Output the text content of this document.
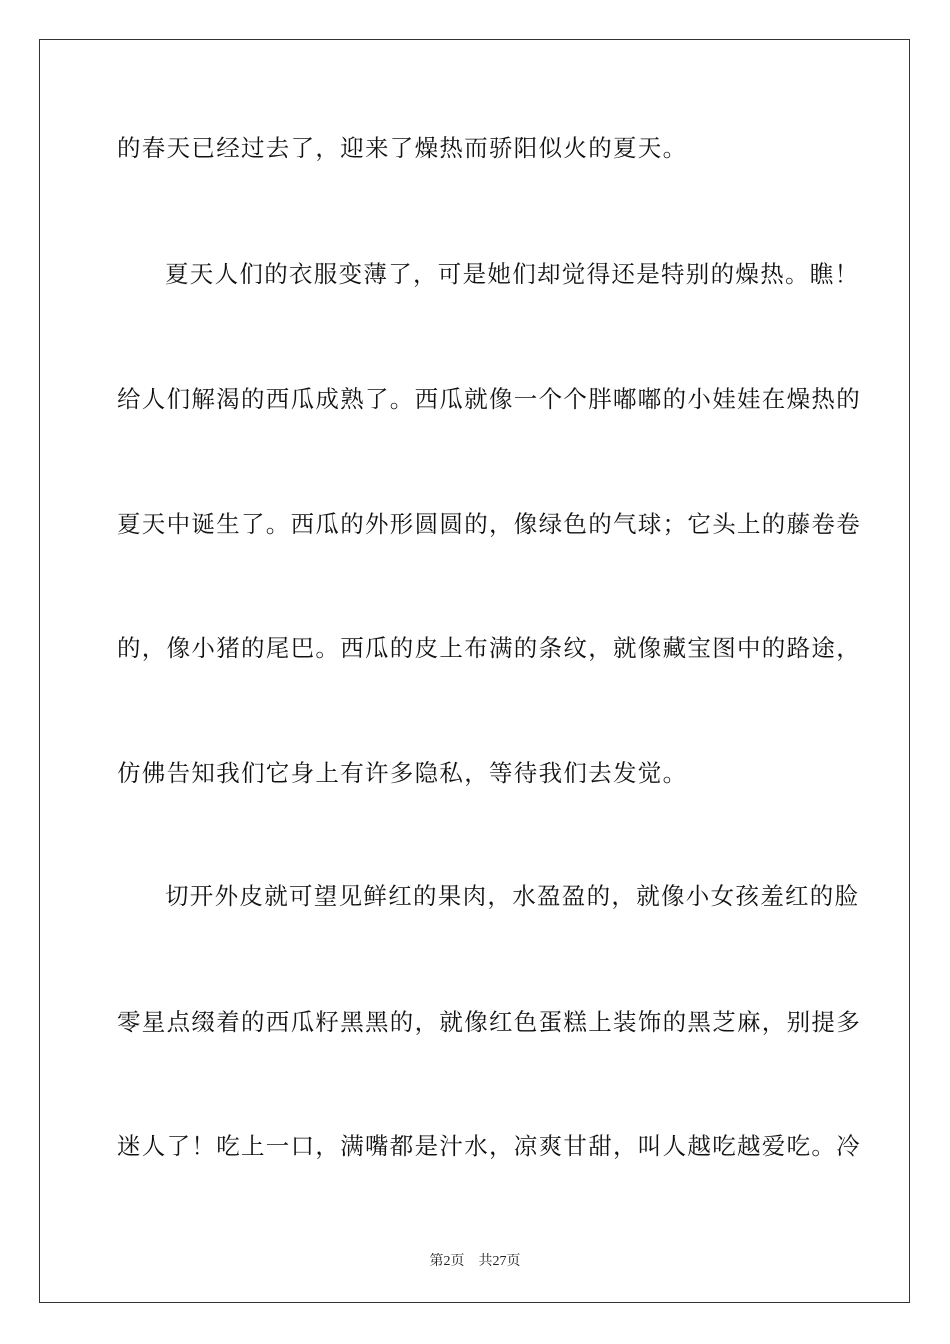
的春天已经过去了，迎来了燥热而骄阳似火的夏天。
夏天人们的衣服变薄了，可是她们却觉得还是特别的燥热。瞧！
给人们解渴的西瓜成熟了。西瓜就像一个个胖嘟嘟的小娃娃在燥热的
夏天中诞生了。西瓜的外形圆圆的，像绿色的气球；它头上的藤卷卷
的，像小猪的尾巴。西瓜的皮上布满的条纹，就像藏宝图中的路途，
仿佛告知我们它身上有许多隐私，等待我们去发觉。
切开外皮就可望见鲜红的果肉，水盈盈的，就像小女孩羞红的脸
零星点缀着的西瓜籽黑黑的，就像红色蛋糕上装饰的黑芝麻，别提多
迷人了！吃上一口，满嘴都是汁水，凉爽甘甜，叫人越吃越爱吃。冷
第2页 共27页
